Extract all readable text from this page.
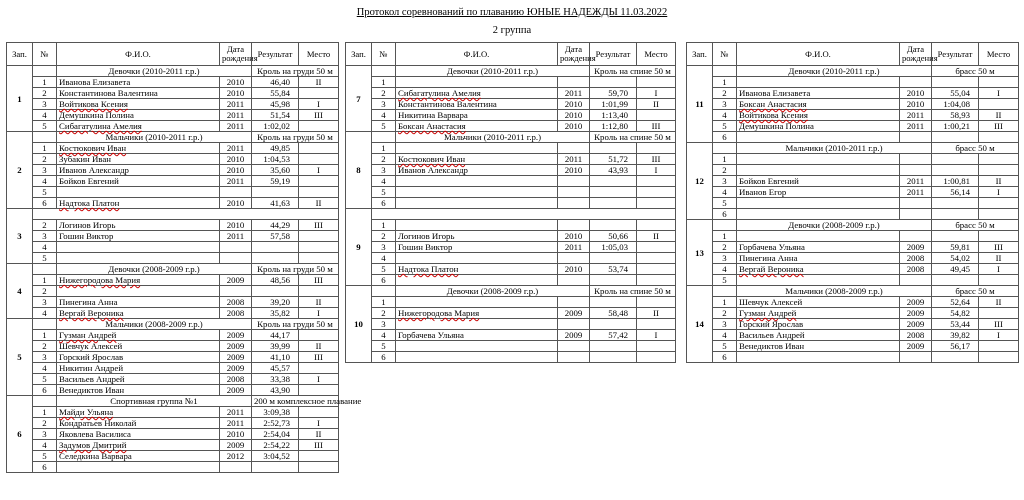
Протокол соревнований по плаванию ЮНЫЕ НАДЕЖДЫ 11.03.2022
2 группа
Зап.	№	Ф.И.О.	Дата рождения	Результат	Место
1		Девочки (2010-2011 г.р.)		Кроль на груди 50 м	
	1	Иванова Елизавета	2010	46,40	II
	2	Константинова Валентина	2010	55,84	
	3	Войтикова Ксения	2011	45,98	I
	4	Демушкина Полина	2011	51,54	III
	5	Сибагатулина Амелия	2011	1:02,02	
2		Мальчики (2010-2011 г.р.)		Кроль на груди 50 м	
	1	Костюкович Иван	2011	49,85	
	2	Зубакин Иван	2010	1:04,53	
	3	Иванов Александр	2010	35,60	I
	4	Бойков Евгений	2011	59,19	
	5				
	6	Надтока Платон	2010	41,63	II
3					
	2	Логинов Игорь	2010	44,29	III
	3	Гошин Виктор	2011	57,58	
	4				
	5				
4		Девочки (2008-2009 г.р.)		Кроль на груди 50 м	
	1	Нижегородова Мария	2009	48,56	III
	2				
	3	Пинегина Анна	2008	39,20	II
	4	Вергай Вероника	2008	35,82	I
5		Мальчики (2008-2009 г.р.)		Кроль на груди 50 м	
	1	Гузман Андрей	2009	44,17	
	2	Шевчук Алексей	2009	39,99	II
	3	Горский Ярослав	2009	41,10	III
	4	Никитин Андрей	2009	45,57	
	5	Васильев Андрей	2008	33,38	I
	6	Венедиктов Иван	2009	43,90	
6		Спортивная группа №1		200 м комплексное плавание	
	1	Майди Ульяна	2011	3:09,38	
	2	Кондратьев Николай	2011	2:52,73	I
	3	Яковлева Василиса	2010	2:54,04	II
	4	Задумов Дмитрий	2009	2:54,22	III
	5	Селедкина Варвара	2012	3:04,52	
	6				
Зап.	№	Ф.И.О.	Дата рождения	Результат	Место
7		Девочки (2010-2011 г.р.)		Кроль на спине 50 м	
	1				
	2	Сибагатулина Амелия	2011	59,70	I
	3	Константинова Валентина	2010	1:01,99	II
	4	Никитина Варвара	2010	1:13,40	
	5	Боксан Анастасия	2010	1:12,80	III
8		Мальчики (2010-2011 г.р.)		Кроль на спине 50 м	
	1				
	2	Костюкович Иван	2011	51,72	III
	3	Иванов Александр	2010	43,93	I
	4				
	5				
	6				
9					
	1				
	2	Логинов Игорь	2010	50,66	II
	3	Гошин Виктор	2011	1:05,03	
	4				
	5	Надтока Платон	2010	53,74	
	6				
10		Девочки (2008-2009 г.р.)		Кроль на спине 50 м	
	1				
	2	Нижегородова Мария	2009	58,48	II
	3				
	4	Горбачева Ульяна	2009	57,42	I
	5				
	6				
Зап.	№	Ф.И.О.	Дата рождения	Результат	Место
11		Девочки (2010-2011 г.р.)		брасс 50 м	
	1				
	2	Иванова Елизавета	2010	55,04	I
	3	Боксан Анастасия	2010	1:04,08	
	4	Войтикова Ксения	2011	58,93	II
	5	Демушкина Полина	2011	1:00,21	III
	6				
12		Мальчики (2010-2011 г.р.)		брасс 50 м	
	1				
	2				
	3	Бойков Евгений	2011	1:00,81	II
	4	Иванов Егор	2011	56,14	I
	5				
	6				
13		Девочки (2008-2009 г.р.)		брасс 50 м	
	1				
	2	Горбачева Ульяна	2009	59,81	III
	3	Пинегина Анна	2008	54,02	II
	4	Вергай Вероника	2008	49,45	I
	5				
14		Мальчики (2008-2009 г.р.)		брасс 50 м	
	1	Шевчук Алексей	2009	52,64	II
	2	Гузман Андрей	2009	54,82	
	3	Горский Ярослав	2009	53,44	III
	4	Васильев Андрей	2008	39,82	I
	5	Венедиктов Иван	2009	56,17	
	6				
